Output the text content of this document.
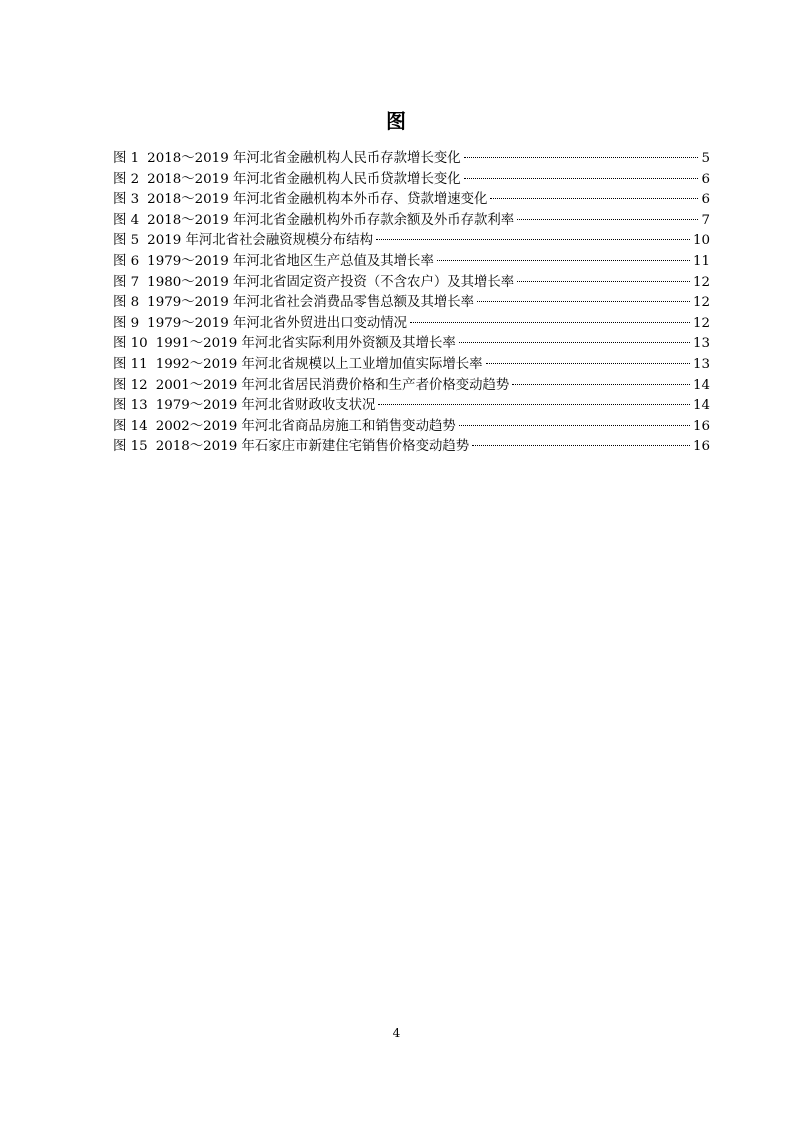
图
图 1 2018～2019 年河北省金融机构人民币存款增长变化	5
图 2 2018～2019 年河北省金融机构人民币贷款增长变化	6
图 3 2018～2019 年河北省金融机构本外币存、贷款增速变化	6
图 4 2018～2019 年河北省金融机构外币存款余额及外币存款利率	7
图 5 2019 年河北省社会融资规模分布结构	10
图 6 1979～2019 年河北省地区生产总值及其增长率	11
图 7 1980～2019 年河北省固定资产投资（不含农户）及其增长率	12
图 8 1979～2019 年河北省社会消费品零售总额及其增长率	12
图 9 1979～2019 年河北省外贸进出口变动情况	12
图 10 1991～2019 年河北省实际利用外资额及其增长率	13
图 11 1992～2019 年河北省规模以上工业增加值实际增长率	13
图 12 2001～2019 年河北省居民消费价格和生产者价格变动趋势	14
图 13 1979～2019 年河北省财政收支状况	14
图 14 2002～2019 年河北省商品房施工和销售变动趋势	16
图 15 2018～2019 年石家庄市新建住宅销售价格变动趋势	16
4
